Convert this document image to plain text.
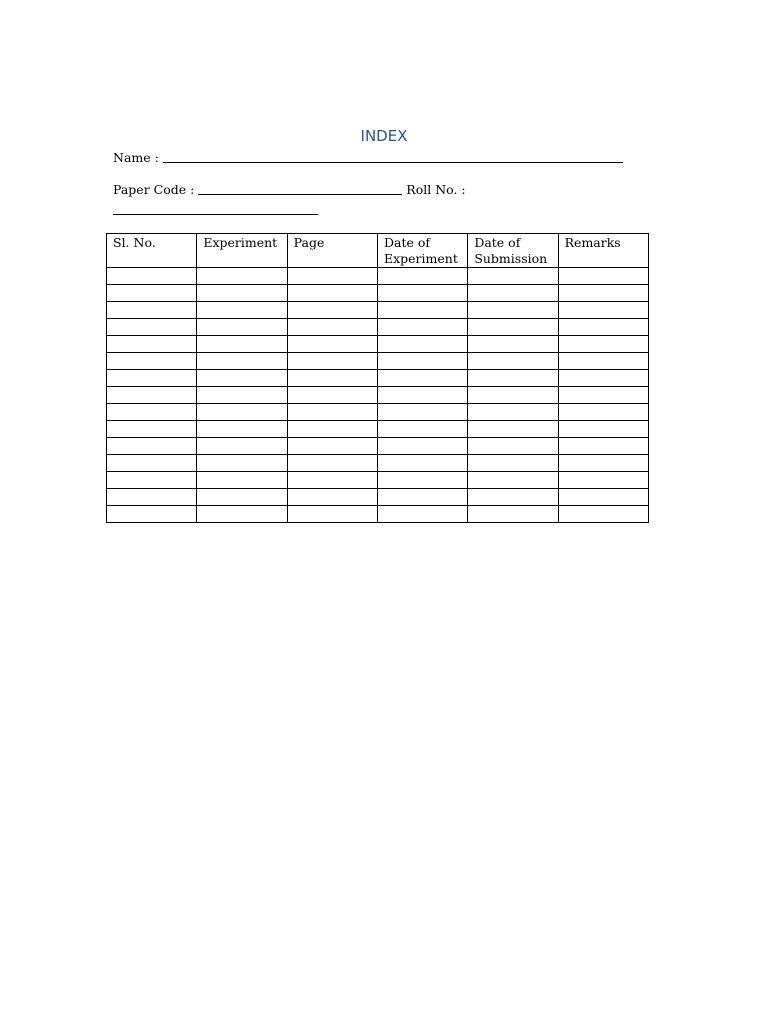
INDEX
Name :
Paper Code :	Roll No. :
Sl. No.	Experiment	Page	Date of Experiment	Date of Submission	Remarks
